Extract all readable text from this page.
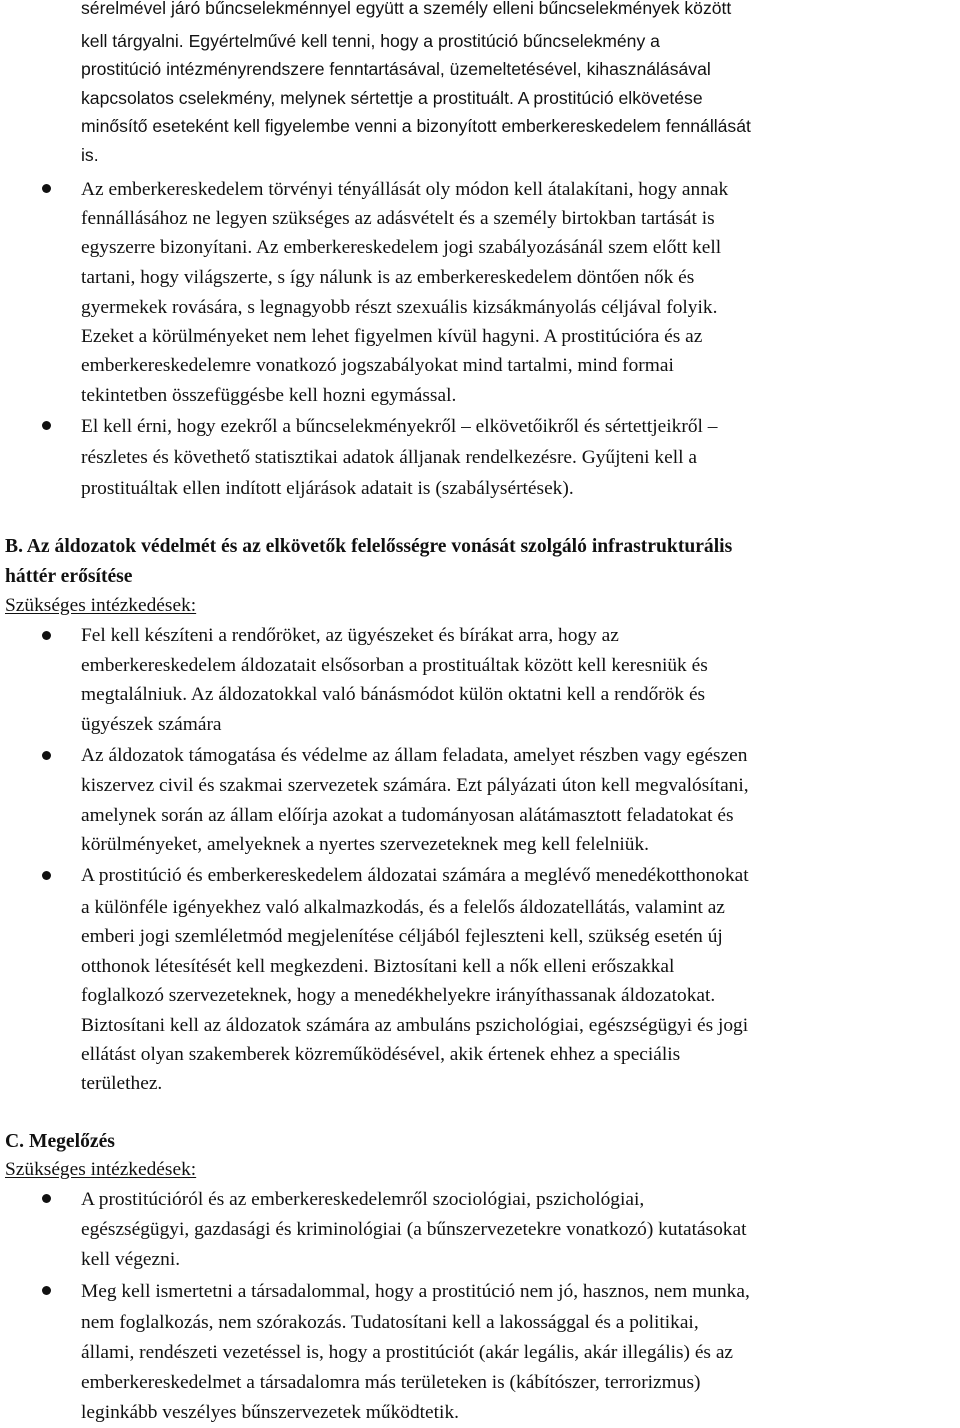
sérelmével járó bűncselekménnyel együtt a személy elleni bűncselekmények között
kell tárgyalni. Egyértelművé kell tenni, hogy a prostitúció bűncselekmény a
prostitúció intézményrendszere fenntartásával, üzemeltetésével, kihasználásával
kapcsolatos cselekmény, melynek sértettje a prostituált. A prostitúció elkövetése
minősítő eseteként kell figyelembe venni a bizonyított emberkereskedelem fennállását
is.
Az emberkereskedelem törvényi tényállását oly módon kell átalakítani, hogy annak
fennállásához ne legyen szükséges az adásvételt és a személy birtokban tartását is
egyszerre bizonyítani. Az emberkereskedelem jogi szabályozásánál szem előtt kell
tartani, hogy világszerte, s így nálunk is az emberkereskedelem döntően nők és
gyermekek rovására, s legnagyobb részt szexuális kizsákmányolás céljával folyik.
Ezeket a körülményeket nem lehet figyelmen kívül hagyni. A prostitúcióra és az
emberkereskedelemre vonatkozó jogszabályokat mind tartalmi, mind formai
tekintetben összefüggésbe kell hozni egymással.
El kell érni, hogy ezekről a bűncselekményekről – elkövetőikről és sértettjeikről –
részletes és követhető statisztikai adatok álljanak rendelkezésre. Gyűjteni kell a
prostituáltak ellen indított eljárások adatait is (szabálysértések).
B. Az áldozatok védelmét és az elkövetők felelősségre vonását szolgáló infrastrukturális
háttér erősítése
Szükséges intézkedések:
Fel kell készíteni a rendőröket, az ügyészeket és bírákat arra, hogy az
emberkereskedelem áldozatait elsősorban a prostituáltak között kell keresniük és
megtalálniuk. Az áldozatokkal való bánásmódot külön oktatni kell a rendőrök és
ügyészek számára
Az áldozatok támogatása és védelme az állam feladata, amelyet részben vagy egészen
kiszervez civil és szakmai szervezetek számára. Ezt pályázati úton kell megvalósítani,
amelynek során az állam előírja azokat a tudományosan alátámasztott feladatokat és
körülményeket, amelyeknek a nyertes szervezeteknek meg kell felelniük.
A prostitúció és emberkereskedelem áldozatai számára a meglévő menedékotthonokat
a különféle igényekhez való alkalmazkodás, és a felelős áldozatellátás, valamint az
emberi jogi szemléletmód megjelenítése céljából fejleszteni kell, szükség esetén új
otthonok létesítését kell megkezdeni. Biztosítani kell a nők elleni erőszakkal
foglalkozó szervezeteknek, hogy a menedékhelyekre irányíthassanak áldozatokat.
Biztosítani kell az áldozatok számára az ambuláns pszichológiai, egészségügyi és jogi
ellátást olyan szakemberek közreműködésével, akik értenek ehhez a speciális
területhez.
C. Megelőzés
Szükséges intézkedések:
A prostitúcióról és az emberkereskedelemről szociológiai, pszichológiai,
egészségügyi, gazdasági és kriminológiai (a bűnszervezetekre vonatkozó) kutatásokat
kell végezni.
Meg kell ismertetni a társadalommal, hogy a prostitúció nem jó, hasznos, nem munka,
nem foglalkozás, nem szórakozás. Tudatosítani kell a lakossággal és a politikai,
állami, rendészeti vezetéssel is, hogy a prostitúciót (akár legális, akár illegális) és az
emberkereskedelmet a társadalomra más területeken is (kábítószer, terrorizmus)
leginkább veszélyes bűnszervezetek működtetik.
